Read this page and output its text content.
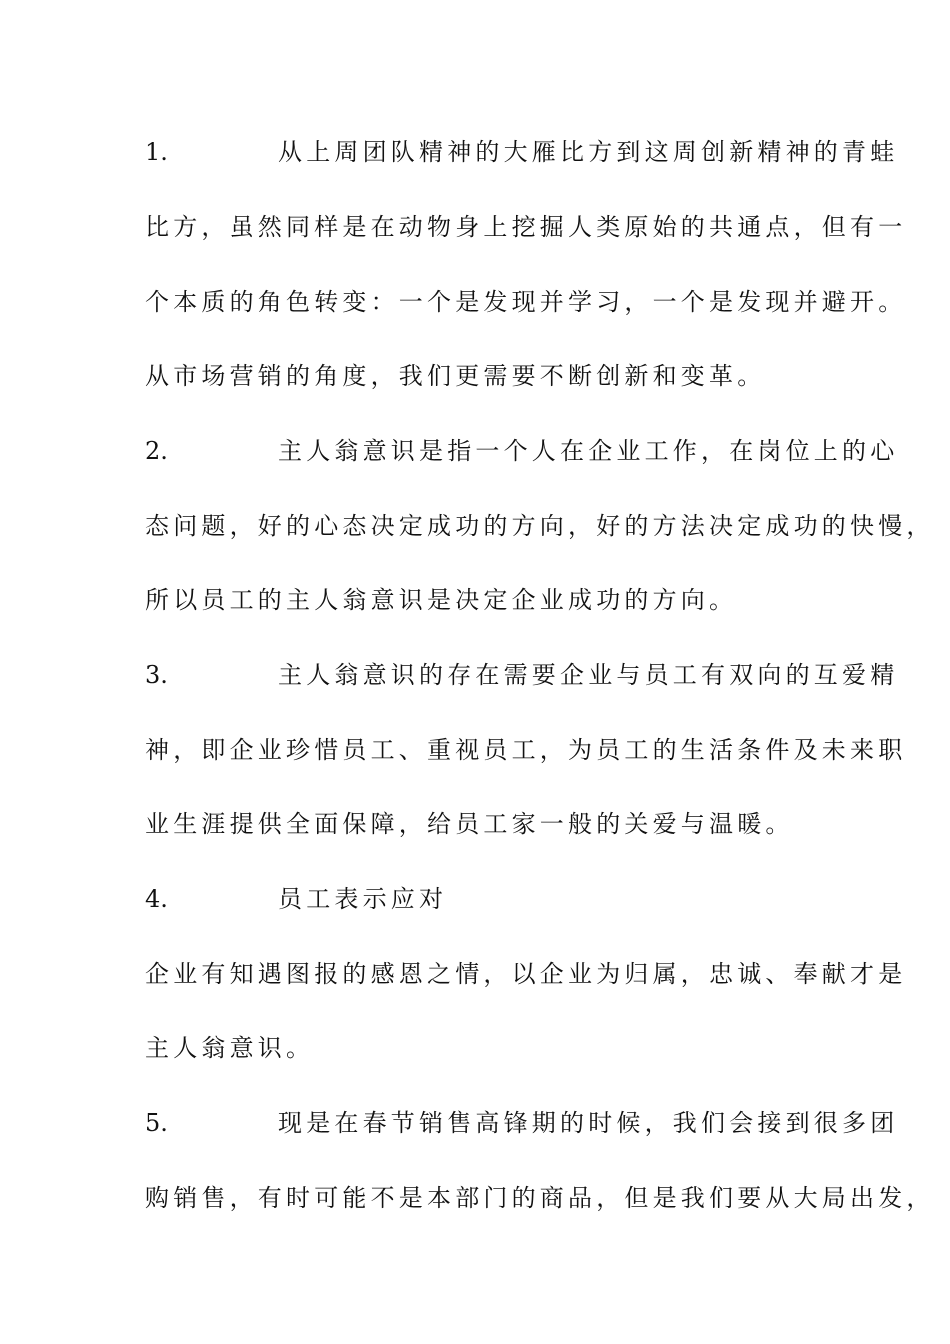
1.	从上周团队精神的大雁比方到这周创新精神的青蛙
比方，虽然同样是在动物身上挖掘人类原始的共通点，但有一
个本质的角色转变：一个是发现并学习，一个是发现并避开。
从市场营销的角度，我们更需要不断创新和变革。
2.	主人翁意识是指一个人在企业工作，在岗位上的心
态问题，好的心态决定成功的方向，好的方法决定成功的快慢，
所以员工的主人翁意识是决定企业成功的方向。
3.	主人翁意识的存在需要企业与员工有双向的互爱精
神，即企业珍惜员工、重视员工，为员工的生活条件及未来职
业生涯提供全面保障，给员工家一般的关爱与温暖。
4.	员工表示应对
企业有知遇图报的感恩之情，以企业为归属，忠诚、奉献才是
主人翁意识。
5.	现是在春节销售高锋期的时候，我们会接到很多团
购销售，有时可能不是本部门的商品，但是我们要从大局出发，
